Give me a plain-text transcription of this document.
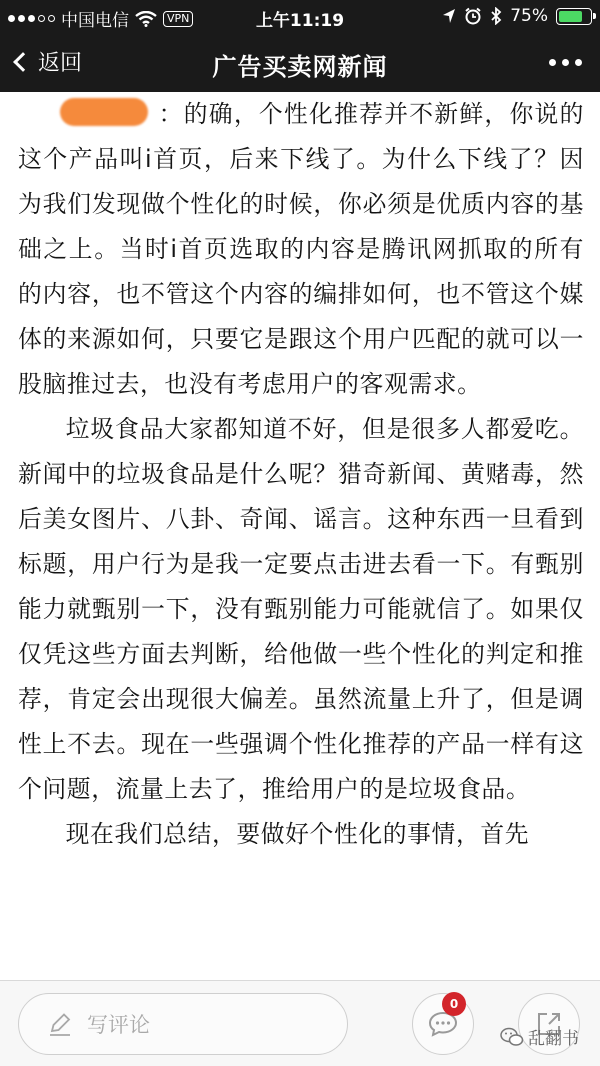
中国电信	VPN	上午11:19	75%
返回	广告买卖网新闻

：的确，个性化推荐并不新鲜，你说的这个产品叫i首页，后来下线了。为什么下线了？因为我们发现做个性化的时候，你必须是优质内容的基础之上。当时i首页选取的内容是腾讯网抓取的所有的内容，也不管这个内容的编排如何，也不管这个媒体的来源如何，只要它是跟这个用户匹配的就可以一股脑推过去，也没有考虑用户的客观需求。

垃圾食品大家都知道不好，但是很多人都爱吃。新闻中的垃圾食品是什么呢？猎奇新闻、黄赌毒，然后美女图片、八卦、奇闻、谣言。这种东西一旦看到标题，用户行为是我一定要点击进去看一下。有甄别能力就甄别一下，没有甄别能力可能就信了。如果仅仅凭这些方面去判断，给他做一些个性化的判定和推荐，肯定会出现很大偏差。虽然流量上升了，但是调性上不去。现在一些强调个性化推荐的产品一样有这个问题，流量上去了，推给用户的是垃圾食品。

现在我们总结，要做好个性化的事情，首先

写评论
0
乱翻书
